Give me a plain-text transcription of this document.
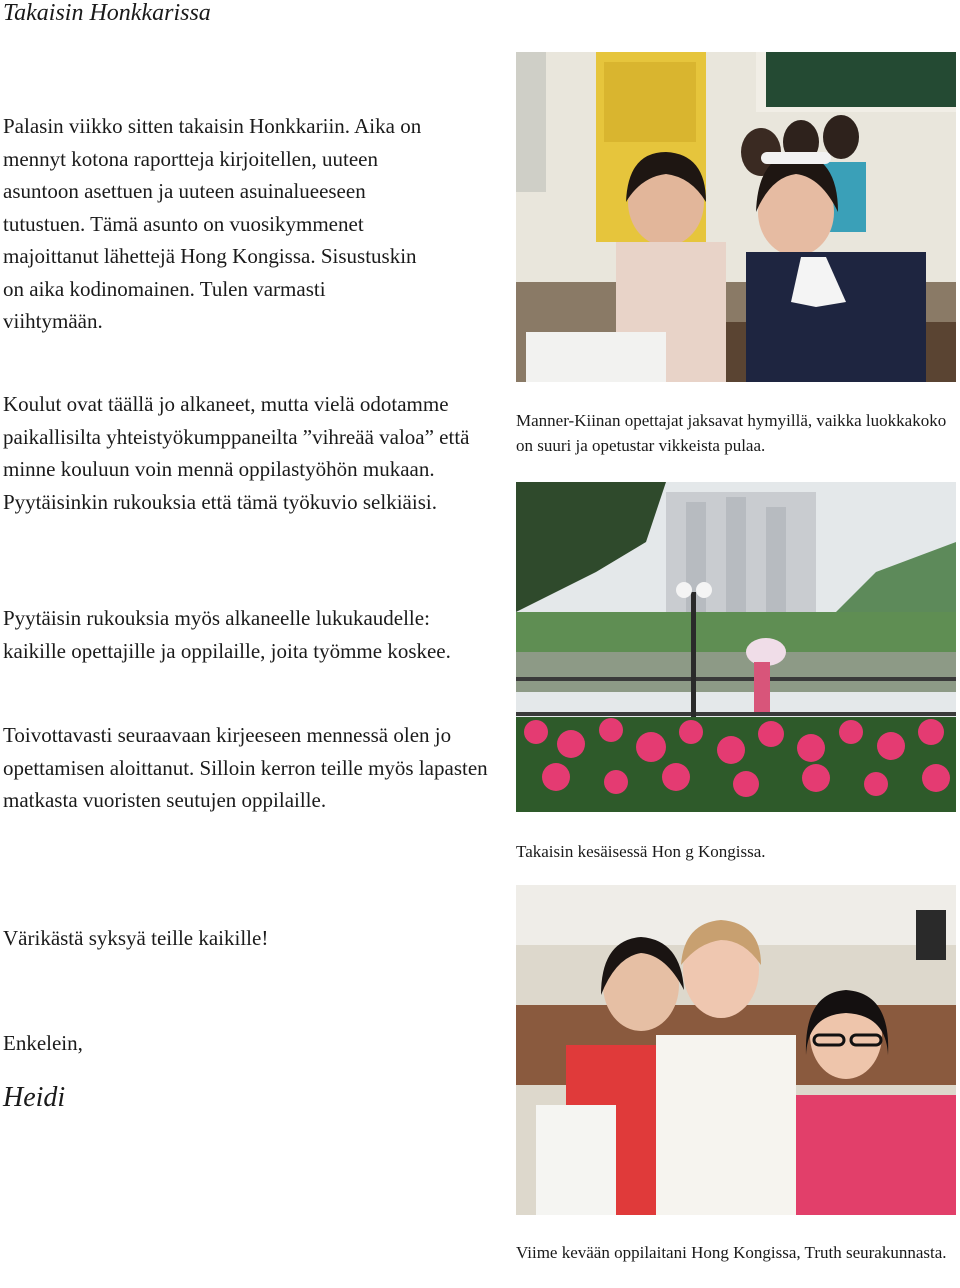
Takaisin Honkkarissa

Palasin viikko sitten takaisin Honkkariin. Aika on mennyt kotona raportteja kirjoitellen, uuteen asuntoon asettuen ja uuteen asuinalueeseen tutustuen. Tämä asunto on vuosikymmenet majoittanut lähettejä Hong Kongissa. Sisustuskin on aika kodinomainen. Tulen varmasti viihtymään.

Koulut ovat täällä jo alkaneet, mutta vielä odotamme paikallisilta yhteistyökumppaneilta ”vihreää valoa” että minne kouluun voin mennä oppilastyöhön mukaan. Pyytäisinkin rukouksia että tämä työkuvio selkiäisi.

Pyytäisin rukouksia myös alkaneelle lukukaudelle: kaikille opettajille ja oppilaille, joita työmme koskee.

Toivottavasti seuraavaan kirjeeseen mennessä olen jo opettamisen aloittanut. Silloin kerron teille myös lapasten matkasta vuoristen seutujen oppilaille.

Värikästä syksyä teille kaikille!

Enkelein,

Heidi

Manner-Kiinan opettajat jaksavat hymyillä, vaikka luokkakoko on suuri ja opetustar vikkeista pulaa.

Takaisin kesäisessä Hon g Kongissa.

Viime kevään oppilaitani Hong Kongissa, Truth seurakunnasta.
